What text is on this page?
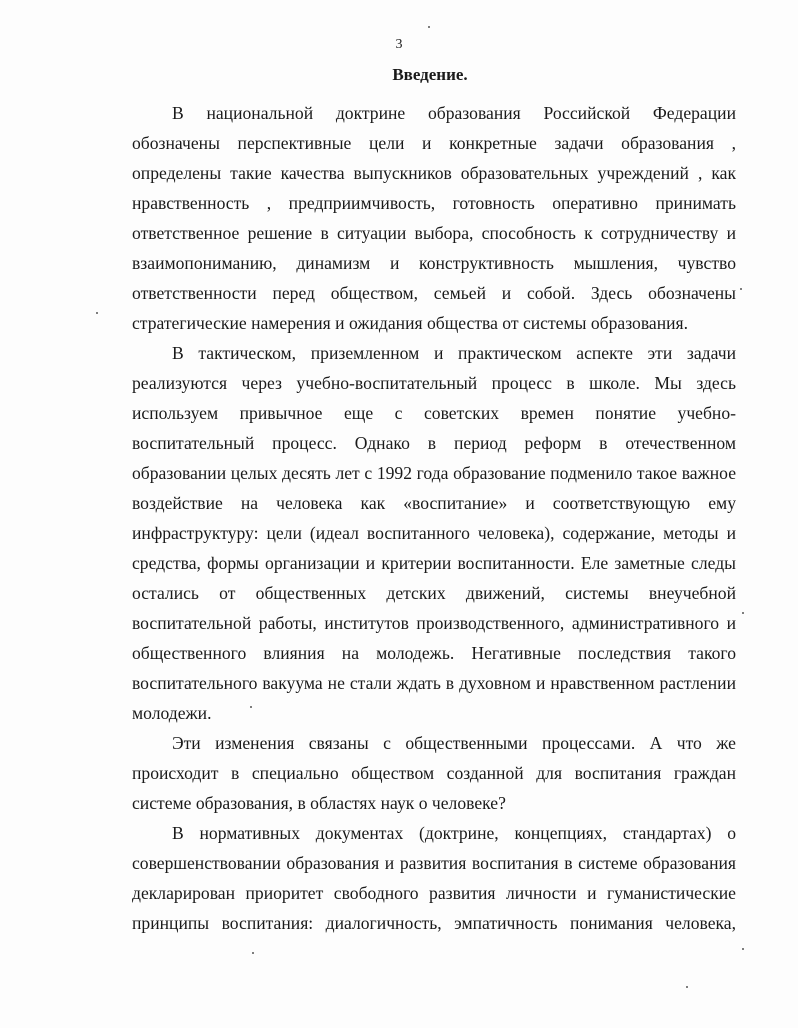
3
Введение.
В национальной доктрине образования Российской Федерации
обозначены перспективные цели и конкретные задачи образования ,
определены такие качества выпускников образовательных учреждений , как
нравственность , предприимчивость, готовность оперативно принимать
ответственное решение в ситуации выбора, способность к сотрудничеству и
взаимопониманию, динамизм и конструктивность мышления, чувство
ответственности перед обществом, семьей и собой. Здесь обозначены
стратегические намерения и ожидания общества от системы образования.
В тактическом, приземленном и практическом аспекте эти задачи
реализуются через учебно-воспитательный процесс в школе. Мы здесь
используем привычное еще с советских времен понятие учебно-
воспитательный процесс. Однако в период реформ в отечественном
образовании целых десять лет с 1992 года образование подменило такое важное
воздействие на человека как «воспитание» и соответствующую ему
инфраструктуру: цели (идеал воспитанного человека), содержание, методы и
средства, формы организации и критерии воспитанности. Еле заметные следы
остались от общественных детских движений, системы внеучебной
воспитательной работы, институтов производственного, административного и
общественного влияния на молодежь. Негативные последствия такого
воспитательного вакуума не стали ждать в духовном и нравственном растлении
молодежи.
Эти изменения связаны с общественными процессами. А что же
происходит в специально обществом созданной для воспитания граждан
системе образования, в областях наук о человеке?
В нормативных документах (доктрине, концепциях, стандартах) о
совершенствовании образования и развития воспитания в системе образования
декларирован приоритет свободного развития личности и гуманистические
принципы воспитания: диалогичность, эмпатичность понимания человека,
